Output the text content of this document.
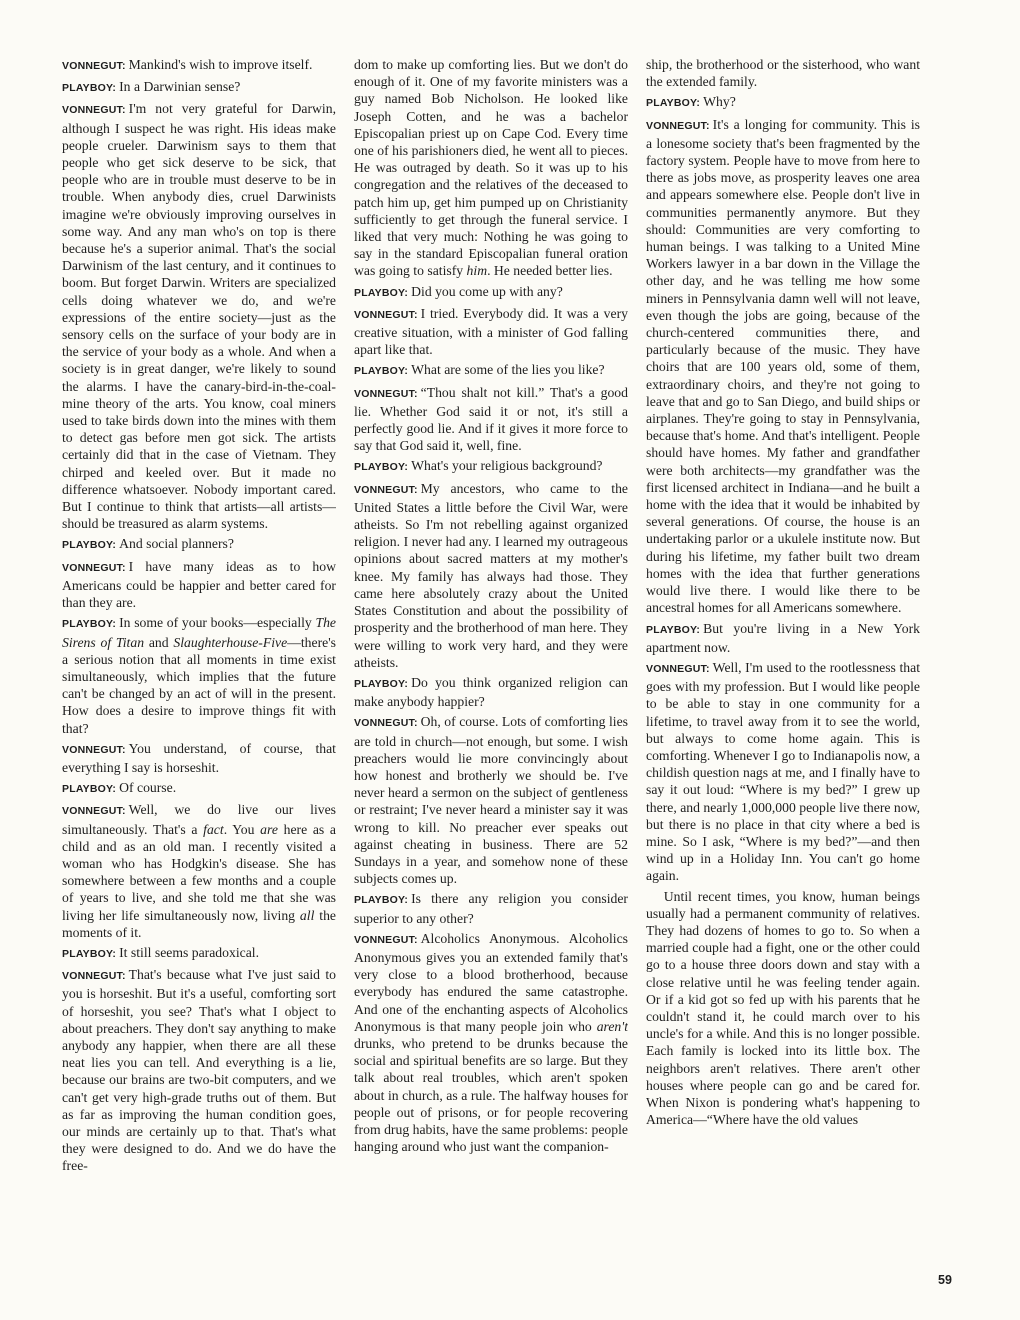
VONNEGUT: Mankind's wish to improve itself.
PLAYBOY: In a Darwinian sense?
VONNEGUT: I'm not very grateful for Darwin, although I suspect he was right. His ideas make people crueler. Darwinism says to them that people who get sick deserve to be sick, that people who are in trouble must deserve to be in trouble. When anybody dies, cruel Darwinists imagine we're obviously improving ourselves in some way. And any man who's on top is there because he's a superior animal. That's the social Darwinism of the last century, and it continues to boom. But forget Darwin. Writers are specialized cells doing whatever we do, and we're expressions of the entire society—just as the sensory cells on the surface of your body are in the service of your body as a whole. And when a society is in great danger, we're likely to sound the alarms. I have the canary-bird-in-the-coal-mine theory of the arts. You know, coal miners used to take birds down into the mines with them to detect gas before men got sick. The artists certainly did that in the case of Vietnam. They chirped and keeled over. But it made no difference whatsoever. Nobody important cared. But I continue to think that artists—all artists—should be treasured as alarm systems.
PLAYBOY: And social planners?
VONNEGUT: I have many ideas as to how Americans could be happier and better cared for than they are.
PLAYBOY: In some of your books—especially The Sirens of Titan and Slaughterhouse-Five—there's a serious notion that all moments in time exist simultaneously, which implies that the future can't be changed by an act of will in the present. How does a desire to improve things fit with that?
VONNEGUT: You understand, of course, that everything I say is horseshit.
PLAYBOY: Of course.
VONNEGUT: Well, we do live our lives simultaneously. That's a fact. You are here as a child and as an old man. I recently visited a woman who has Hodgkin's disease. She has somewhere between a few months and a couple of years to live, and she told me that she was living her life simultaneously now, living all the moments of it.
PLAYBOY: It still seems paradoxical.
VONNEGUT: That's because what I've just said to you is horseshit. But it's a useful, comforting sort of horseshit, you see? That's what I object to about preachers. They don't say anything to make anybody any happier, when there are all these neat lies you can tell. And everything is a lie, because our brains are two-bit computers, and we can't get very high-grade truths out of them. But as far as improving the human condition goes, our minds are certainly up to that. That's what they were designed to do. And we do have the free-
dom to make up comforting lies. But we don't do enough of it. One of my favorite ministers was a guy named Bob Nicholson. He looked like Joseph Cotten, and he was a bachelor Episcopalian priest up on Cape Cod. Every time one of his parishioners died, he went all to pieces. He was outraged by death. So it was up to his congregation and the relatives of the deceased to patch him up, get him pumped up on Christianity sufficiently to get through the funeral service. I liked that very much: Nothing he was going to say in the standard Episcopalian funeral oration was going to satisfy him. He needed better lies.
PLAYBOY: Did you come up with any?
VONNEGUT: I tried. Everybody did. It was a very creative situation, with a minister of God falling apart like that.
PLAYBOY: What are some of the lies you like?
VONNEGUT: “Thou shalt not kill.” That's a good lie. Whether God said it or not, it's still a perfectly good lie. And if it gives it more force to say that God said it, well, fine.
PLAYBOY: What's your religious background?
VONNEGUT: My ancestors, who came to the United States a little before the Civil War, were atheists. So I'm not rebelling against organized religion. I never had any. I learned my outrageous opinions about sacred matters at my mother's knee. My family has always had those. They came here absolutely crazy about the United States Constitution and about the possibility of prosperity and the brotherhood of man here. They were willing to work very hard, and they were atheists.
PLAYBOY: Do you think organized religion can make anybody happier?
VONNEGUT: Oh, of course. Lots of comforting lies are told in church—not enough, but some. I wish preachers would lie more convincingly about how honest and brotherly we should be. I've never heard a sermon on the subject of gentleness or restraint; I've never heard a minister say it was wrong to kill. No preacher ever speaks out against cheating in business. There are 52 Sundays in a year, and somehow none of these subjects comes up.
PLAYBOY: Is there any religion you consider superior to any other?
VONNEGUT: Alcoholics Anonymous. Alcoholics Anonymous gives you an extended family that's very close to a blood brotherhood, because everybody has endured the same catastrophe. And one of the enchanting aspects of Alcoholics Anonymous is that many people join who aren't drunks, who pretend to be drunks because the social and spiritual benefits are so large. But they talk about real troubles, which aren't spoken about in church, as a rule. The halfway houses for people out of prisons, or for people recovering from drug habits, have the same problems: people hanging around who just want the companion-
ship, the brotherhood or the sisterhood, who want the extended family.
PLAYBOY: Why?
VONNEGUT: It's a longing for community. This is a lonesome society that's been fragmented by the factory system. People have to move from here to there as jobs move, as prosperity leaves one area and appears somewhere else. People don't live in communities permanently anymore. But they should: Communities are very comforting to human beings. I was talking to a United Mine Workers lawyer in a bar down in the Village the other day, and he was telling me how some miners in Pennsylvania damn well will not leave, even though the jobs are going, because of the church-centered communities there, and particularly because of the music. They have choirs that are 100 years old, some of them, extraordinary choirs, and they're not going to leave that and go to San Diego, and build ships or airplanes. They're going to stay in Pennsylvania, because that's home. And that's intelligent. People should have homes. My father and grandfather were both architects—my grandfather was the first licensed architect in Indiana—and he built a home with the idea that it would be inhabited by several generations. Of course, the house is an undertaking parlor or a ukulele institute now. But during his lifetime, my father built two dream homes with the idea that further generations would live there. I would like there to be ancestral homes for all Americans somewhere.
PLAYBOY: But you're living in a New York apartment now.
VONNEGUT: Well, I'm used to the rootlessness that goes with my profession. But I would like people to be able to stay in one community for a lifetime, to travel away from it to see the world, but always to come home again. This is comforting. Whenever I go to Indianapolis now, a childish question nags at me, and I finally have to say it out loud: “Where is my bed?” I grew up there, and nearly 1,000,000 people live there now, but there is no place in that city where a bed is mine. So I ask, “Where is my bed?”—and then wind up in a Holiday Inn. You can't go home again.
Until recent times, you know, human beings usually had a permanent community of relatives. They had dozens of homes to go to. So when a married couple had a fight, one or the other could go to a house three doors down and stay with a close relative until he was feeling tender again. Or if a kid got so fed up with his parents that he couldn't stand it, he could march over to his uncle's for a while. And this is no longer possible. Each family is locked into its little box. The neighbors aren't relatives. There aren't other houses where people can go and be cared for. When Nixon is pondering what's happening to America—“Where have the old values
59
